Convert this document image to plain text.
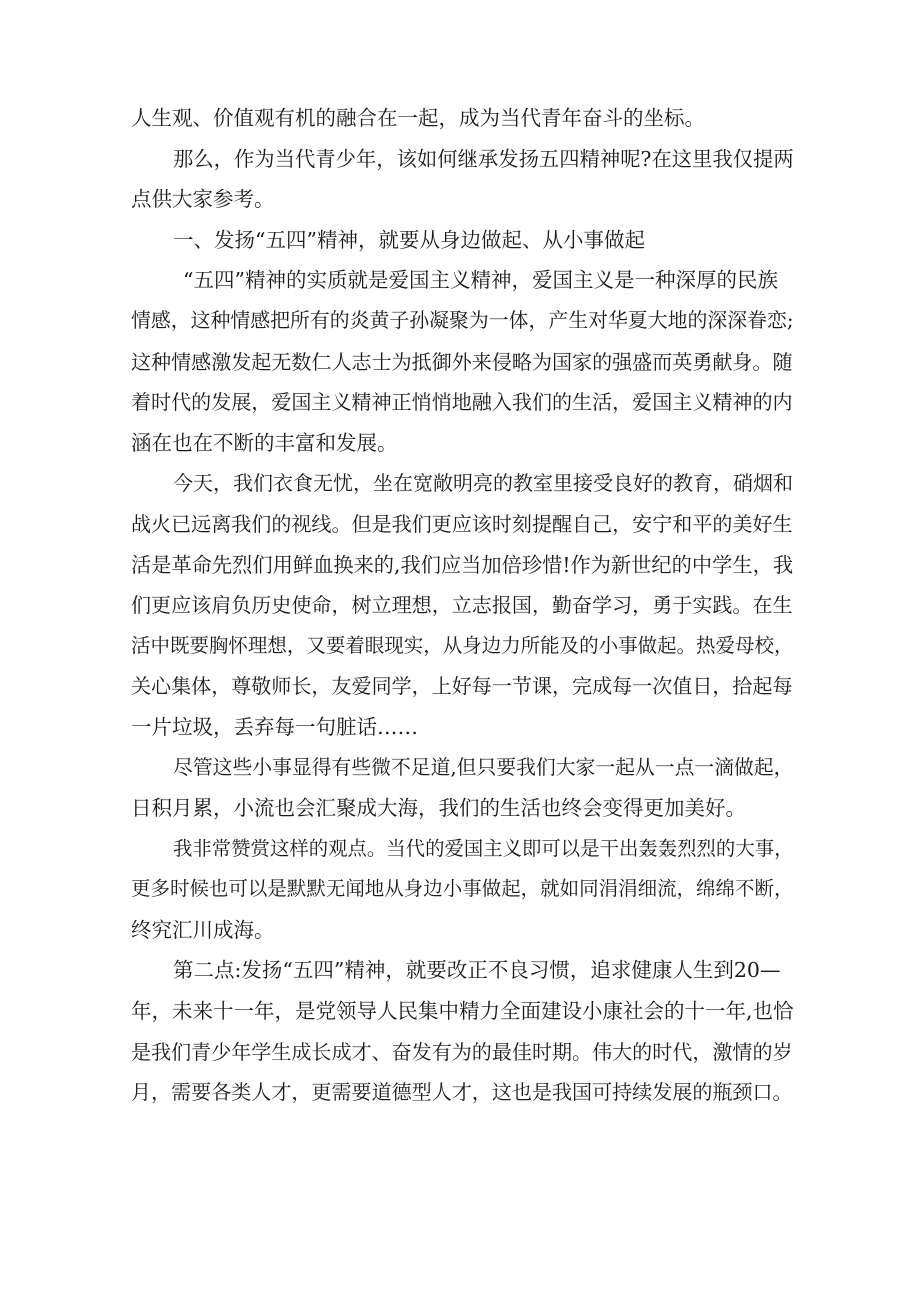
人生观、价值观有机的融合在一起，成为当代青年奋斗的坐标。

那么，作为当代青少年，该如何继承发扬五四精神呢?在这里我仅提两
点供大家参考。

一、发扬“五四”精神，就要从身边做起、从小事做起

“五四”精神的实质就是爱国主义精神，爱国主义是一种深厚的民族
情感，这种情感把所有的炎黄子孙凝聚为一体，产生对华夏大地的深深眷恋;
这种情感激发起无数仁人志士为抵御外来侵略为国家的强盛而英勇献身。随
着时代的发展，爱国主义精神正悄悄地融入我们的生活，爱国主义精神的内
涵在也在不断的丰富和发展。

今天，我们衣食无忧，坐在宽敞明亮的教室里接受良好的教育，硝烟和
战火已远离我们的视线。但是我们更应该时刻提醒自己，安宁和平的美好生
活是革命先烈们用鲜血换来的,我们应当加倍珍惜!作为新世纪的中学生，我
们更应该肩负历史使命，树立理想，立志报国，勤奋学习，勇于实践。在生
活中既要胸怀理想，又要着眼现实，从身边力所能及的小事做起。热爱母校，
关心集体，尊敬师长，友爱同学，上好每一节课，完成每一次值日，拾起每
一片垃圾，丢弃每一句脏话……

尽管这些小事显得有些微不足道,但只要我们大家一起从一点一滴做起，
日积月累，小流也会汇聚成大海，我们的生活也终会变得更加美好。

我非常赞赏这样的观点。当代的爱国主义即可以是干出轰轰烈烈的大事，
更多时候也可以是默默无闻地从身边小事做起，就如同涓涓细流，绵绵不断，
终究汇川成海。

第二点:发扬“五四”精神，就要改正不良习惯，追求健康人生到20—
年，未来十一年，是党领导人民集中精力全面建设小康社会的十一年,也恰
是我们青少年学生成长成才、奋发有为的最佳时期。伟大的时代，激情的岁
月，需要各类人才，更需要道德型人才，这也是我国可持续发展的瓶颈口。
